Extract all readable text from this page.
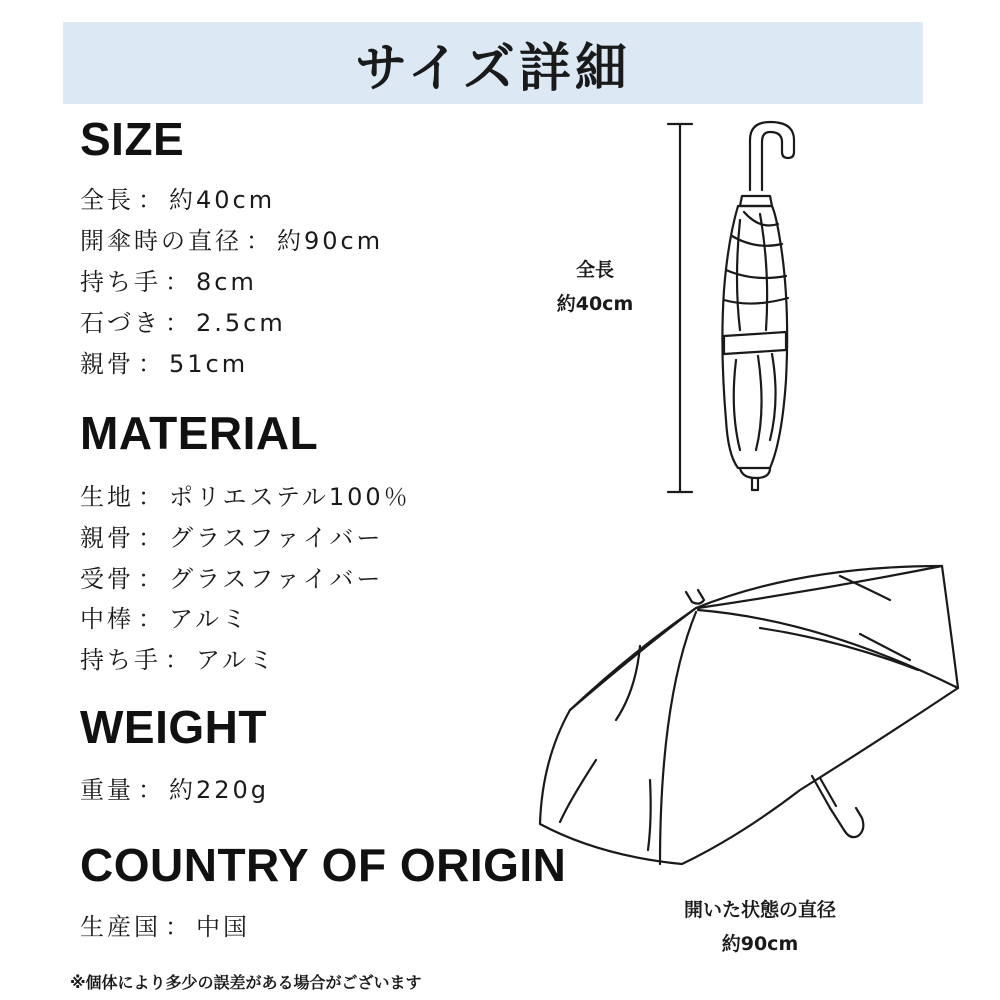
サイズ詳細
SIZE

全長 ： 約40cm

開傘時の直径 ： 約90cm

持ち手 ： 8cm

石づき ： 2.5cm

親骨 ： 51cm

MATERIAL

生地 ： ポリエステル100％

親骨 ： グラスファイバー

受骨 ： グラスファイバー

中棒 ： アルミ

持ち手 ： アルミ

WEIGHT

重量 ： 約220g

COUNTRY OF ORIGIN

生産国 ： 中国

全長
約40cm
開いた状態の直径
約90cm
※個体により多少の誤差がある場合がございます
